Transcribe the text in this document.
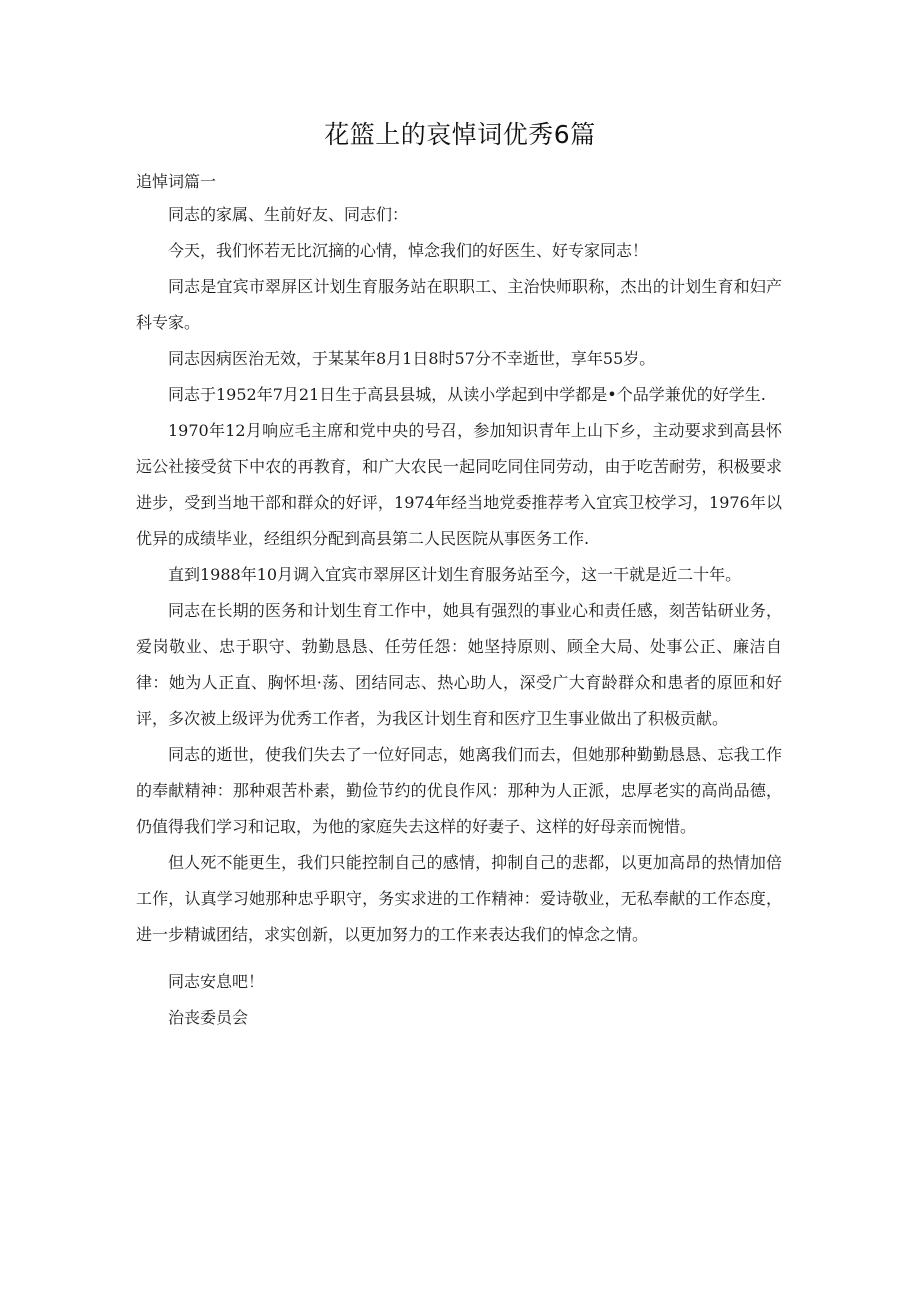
花篮上的哀悼词优秀6篇
追悼词篇一

同志的家属、生前好友、同志们：

今天，我们怀若无比沉摘的心情，悼念我们的好医生、好专家同志！

同志是宜宾市翠屏区计划生育服务站在职职工、主治快师职称，杰出的计划生育和妇产科专家。

同志因病医治无效，于某某年8月1日8时57分不幸逝世，享年55岁。

同志于1952年7月21日生于高县县城，从读小学起到中学都是•个品学兼优的好学生.

1970年12月响应毛主席和党中央的号召，参加知识青年上山下乡，主动要求到高县怀远公社接受贫下中农的再教育，和广大农民一起同吃同住同劳动，由于吃苦耐劳，积极要求进步，受到当地干部和群众的好评，1974年经当地党委推荐考入宜宾卫校学习，1976年以优异的成绩毕业，经组织分配到高县第二人民医院从事医务工作.

直到1988年10月调入宜宾市翠屏区计划生育服务站至今，这一干就是近二十年。

同志在长期的医务和计划生育工作中，她具有强烈的事业心和责任感，刻苦钻研业务，爱岗敬业、忠于职守、勃勤恳恳、任劳任怨：她坚持原则、顾全大局、处事公正、廉洁自律：她为人正直、胸怀坦·荡、团结同志、热心助人，深受广大育龄群众和患者的原匝和好评，多次被上级评为优秀工作者，为我区计划生育和医疗卫生事业做出了积极贡献。

同志的逝世，使我们失去了一位好同志，她离我们而去，但她那种勤勤恳恳、忘我工作的奉献精神：那种艰苦朴素，勤俭节约的优良作风：那种为人正派，忠厚老实的高尚品德，仍值得我们学习和记取，为他的家庭失去这样的好妻子、这样的好母亲而惋惜。

但人死不能更生，我们只能控制自己的感情，抑制自己的悲都，以更加高昂的热情加倍工作，认真学习她那种忠乎职守，务实求进的工作精神：爱诗敬业，无私奉献的工作态度，进一步精诚团结，求实创新，以更加努力的工作来表达我们的悼念之情。

同志安息吧！

治丧委员会
